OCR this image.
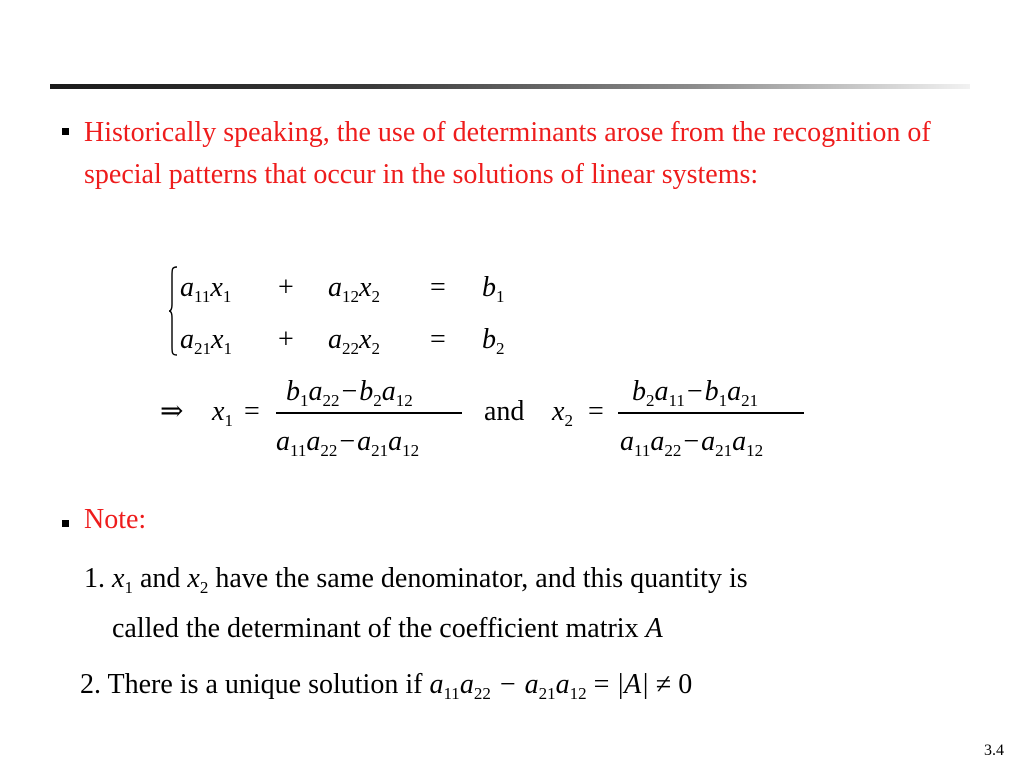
Historically speaking, the use of determinants arose from the recognition of special patterns that occur in the solutions of linear systems:
$a_{11}x_1 + a_{12}x_2 = b_1$
$a_{21}x_1 + a_{22}x_2 = b_2$
⇒ $x_1$ =
$b_1a_{22}-b_2a_{12}$
$a_{11}a_{22}-a_{21}a_{12}$
and $x_2$ =
$b_2a_{11}-b_1a_{21}$
$a_{11}a_{22}-a_{21}a_{12}$
Note:
1. $x_1$ and $x_2$ have the same denominator, and this quantity is
called the determinant of the coefficient matrix A
2. There is a unique solution if $a_{11}a_{22} - a_{21}a_{12} = |A| \ne 0$
3.4
